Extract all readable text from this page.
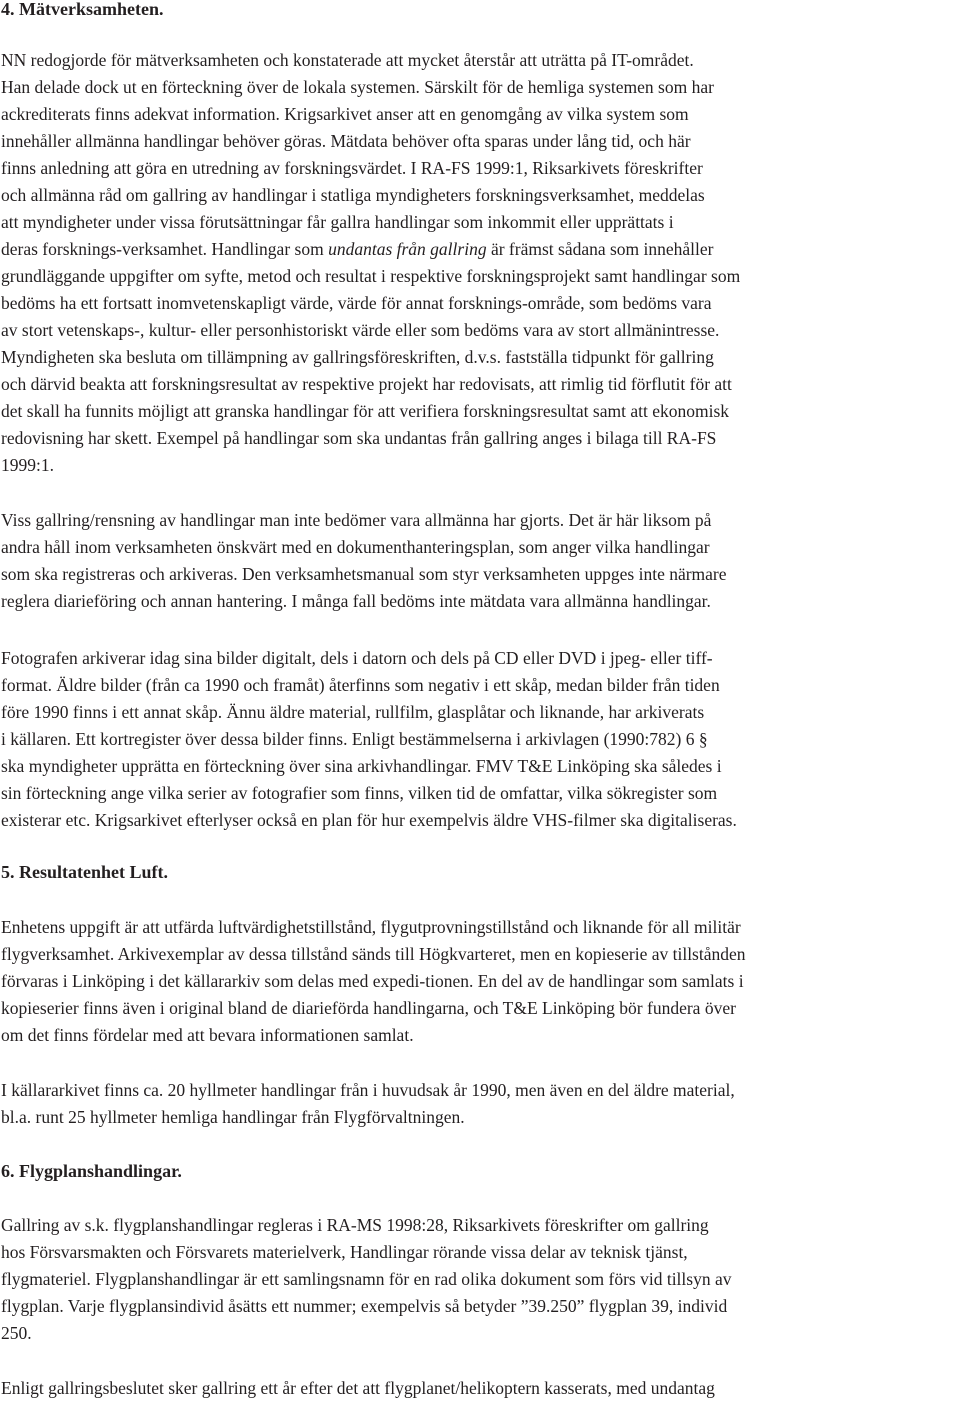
4. Mätverksamheten.
NN redogjorde för mätverksamheten och konstaterade att mycket återstår att uträtta på IT-området.
Han delade dock ut en förteckning över de lokala systemen. Särskilt för de hemliga systemen som har
ackrediterats finns adekvat information. Krigsarkivet anser att en genomgång av vilka system som
innehåller allmänna handlingar behöver göras. Mätdata behöver ofta sparas under lång tid, och här
finns anledning att göra en utredning av forskningsvärdet. I RA-FS 1999:1, Riksarkivets föreskrifter
och allmänna råd om gallring av handlingar i statliga myndigheters forskningsverksamhet, meddelas
att myndigheter under vissa förutsättningar får gallra handlingar som inkommit eller upprättats i
deras forsknings-verksamhet. Handlingar som undantas från gallring är främst sådana som innehåller
grundläggande uppgifter om syfte, metod och resultat i respektive forskningsprojekt samt handlingar som
bedöms ha ett fortsatt inomvetenskapligt värde, värde för annat forsknings-område, som bedöms vara
av stort vetenskaps-, kultur- eller personhistoriskt värde eller som bedöms vara av stort allmänintresse.
Myndigheten ska besluta om tillämpning av gallringsföreskriften, d.v.s. fastställa tidpunkt för gallring
och därvid beakta att forskningsresultat av respektive projekt har redovisats, att rimlig tid förflutit för att
det skall ha funnits möjligt att granska handlingar för att verifiera forskningsresultat samt att ekonomisk
redovisning har skett. Exempel på handlingar som ska undantas från gallring anges i bilaga till RA-FS
1999:1.
Viss gallring/rensning av handlingar man inte bedömer vara allmänna har gjorts. Det är här liksom på
andra håll inom verksamheten önskvärt med en dokumenthanteringsplan, som anger vilka handlingar
som ska registreras och arkiveras. Den verksamhetsmanual som styr verksamheten uppges inte närmare
reglera diarieföring och annan hantering. I många fall bedöms inte mätdata vara allmänna handlingar.
Fotografen arkiverar idag sina bilder digitalt, dels i datorn och dels på CD eller DVD i jpeg- eller tiff-
format. Äldre bilder (från ca 1990 och framåt) återfinns som negativ i ett skåp, medan bilder från tiden
före 1990 finns i ett annat skåp. Ännu äldre material, rullfilm, glasplåtar och liknande, har arkiverats
i källaren. Ett kortregister över dessa bilder finns. Enligt bestämmelserna i arkivlagen (1990:782) 6 §
ska myndigheter upprätta en förteckning över sina arkivhandlingar. FMV T&E Linköping ska således i
sin förteckning ange vilka serier av fotografier som finns, vilken tid de omfattar, vilka sökregister som
existerar etc. Krigsarkivet efterlyser också en plan för hur exempelvis äldre VHS-filmer ska digitaliseras.
5. Resultatenhet Luft.
Enhetens uppgift är att utfärda luftvärdighetstillstånd, flygutprovningstillstånd och liknande för all militär
flygverksamhet. Arkivexemplar av dessa tillstånd sänds till Högkvarteret, men en kopieserie av tillstånden
förvaras i Linköping i det källararkiv som delas med expedi-tionen. En del av de handlingar som samlats i
kopieserier finns även i original bland de diarieförda handlingarna, och T&E Linköping bör fundera över
om det finns fördelar med att bevara informationen samlat.
I källararkivet finns ca. 20 hyllmeter handlingar från i huvudsak år 1990, men även en del äldre material,
bl.a. runt 25 hyllmeter hemliga handlingar från Flygförvaltningen.
6. Flygplanshandlingar.
Gallring av s.k. flygplanshandlingar regleras i RA-MS 1998:28, Riksarkivets föreskrifter om gallring
hos Försvarsmakten och Försvarets materielverk, Handlingar rörande vissa delar av teknisk tjänst,
flygmateriel. Flygplanshandlingar är ett samlingsnamn för en rad olika dokument som förs vid tillsyn av
flygplan. Varje flygplansindivid åsätts ett nummer; exempelvis så betyder ”39.250” flygplan 39, individ
250.
Enligt gallringsbeslutet sker gallring ett år efter det att flygplanet/helikoptern kasserats, med undantag
